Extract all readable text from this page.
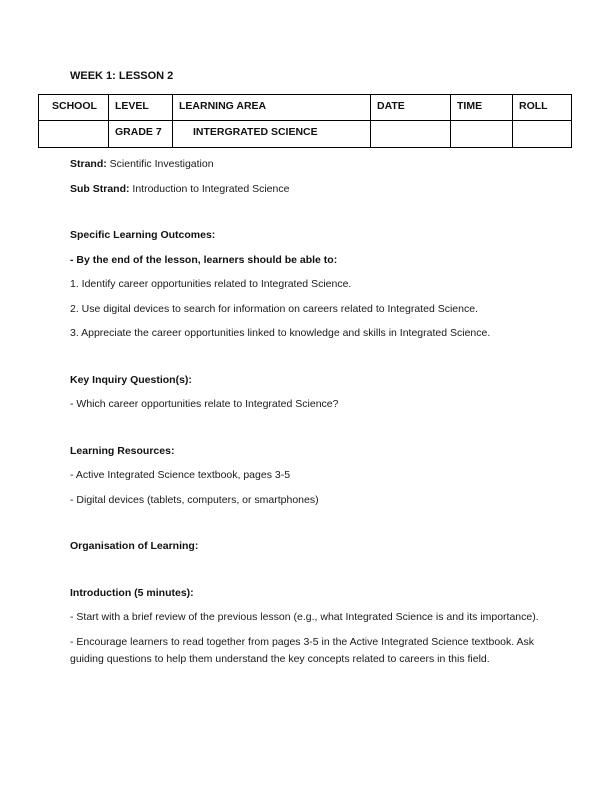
WEEK 1: LESSON 2
SCHOOL	LEVEL	LEARNING AREA	DATE	TIME	ROLL
	GRADE 7	INTERGRATED SCIENCE			

Strand: Scientific Investigation

Sub Strand: Introduction to Integrated Science

Specific Learning Outcomes:

- By the end of the lesson, learners should be able to:

1. Identify career opportunities related to Integrated Science.

2. Use digital devices to search for information on careers related to Integrated Science.

3. Appreciate the career opportunities linked to knowledge and skills in Integrated Science.

Key Inquiry Question(s):

- Which career opportunities relate to Integrated Science?

Learning Resources:

- Active Integrated Science textbook, pages 3-5

- Digital devices (tablets, computers, or smartphones)

Organisation of Learning:

Introduction (5 minutes):

- Start with a brief review of the previous lesson (e.g., what Integrated Science is and its importance).

- Encourage learners to read together from pages 3-5 in the Active Integrated Science textbook. Ask guiding questions to help them understand the key concepts related to careers in this field.
